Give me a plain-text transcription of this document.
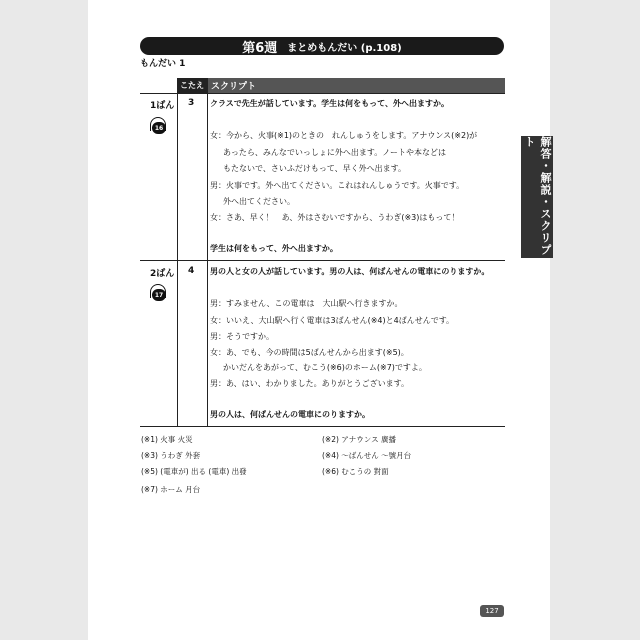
第6週 まとめもんだい (p.108)
もんだい 1
こたえ スクリプト
1ばん
16
3 クラスで先生が話しています。学生は何をもって、外へ出ますか。
女：今から、火事(※1)のときの　れんしゅうをします。アナウンス(※2)が
あったら、みんなでいっしょに外へ出ます。ノートや本などは
もたないで、さいふだけもって、早く外へ出ます。
男：火事です。外へ出てください。これはれんしゅうです。火事です。
外へ出てください。
女：さあ、早く！　あ、外はさむいですから、うわぎ(※3)はもって！
学生は何をもって、外へ出ますか。
2ばん
17
4 男の人と女の人が話しています。男の人は、何ばんせんの電車にのりますか。
男：すみません、この電車は　大山駅へ行きますか。
女：いいえ、大山駅へ行く電車は3ばんせん(※4)と4ばんせんです。
男：そうですか。
女：あ、でも、今の時間は5ばんせんから出ます(※5)。
かいだんをあがって、むこう(※6)のホーム(※7)ですよ。
男：あ、はい、わかりました。ありがとうございます。
男の人は、何ばんせんの電車にのりますか。
(※1) 火事 火災	(※2) アナウンス 廣播
(※3) うわぎ 外套	(※4) ～ばんせん ～號月台
(※5) (電車が) 出る (電車) 出發	(※6) むこうの 對面
(※7) ホーム 月台
解答・解説・スクリプト
127
